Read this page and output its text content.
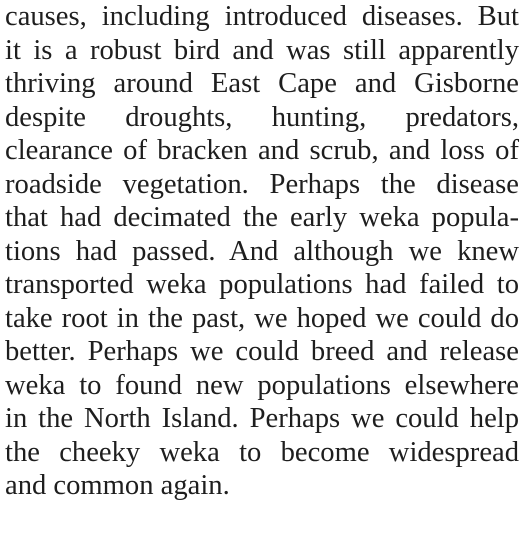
causes, including introduced diseases. But
it is a robust bird and was still apparently
thriving around East Cape and Gisborne
despite droughts, hunting, predators,
clearance of bracken and scrub, and loss of
roadside vegetation. Perhaps the disease
that had decimated the early weka popula-
tions had passed. And although we knew
transported weka populations had failed to
take root in the past, we hoped we could do
better. Perhaps we could breed and release
weka to found new populations elsewhere
in the North Island. Perhaps we could help
the cheeky weka to become widespread
and common again.
